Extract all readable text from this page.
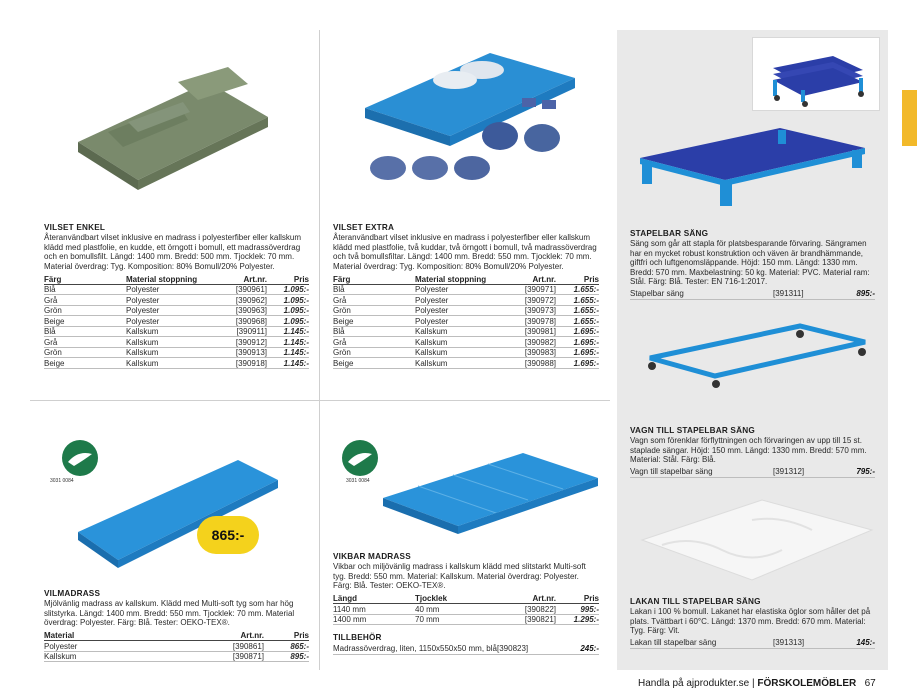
3031 0084	3031 0084
865:-
VILSET ENKEL
Återanvändbart vilset inklusive en madrass i polyesterfiber eller kallskum klädd med plastfolie, en kudde, ett örngott i bomull, ett madrassöverdrag och en bomullsfilt. Längd: 1400 mm. Bredd: 500 mm. Tjocklek: 70 mm. Material överdrag: Tyg. Komposition: 80% Bomull/20% Polyester.
Färg	Material stoppning	Art.nr.	Pris
Blå	Polyester	[390961]	1.095:-
Grå	Polyester	[390962]	1.095:-
Grön	Polyester	[390963]	1.095:-
Beige	Polyester	[390968]	1.095:-
Blå	Kallskum	[390911]	1.145:-
Grå	Kallskum	[390912]	1.145:-
Grön	Kallskum	[390913]	1.145:-
Beige	Kallskum	[390918]	1.145:-
VILSET EXTRA
Återanvändbart vilset inklusive en madrass i polyesterfiber eller kallskum klädd med plastfolie, två kuddar, två örngott i bomull, två madrassöverdrag och två bomullsfiltar. Längd: 1400 mm. Bredd: 550 mm. Tjocklek: 70 mm. Material överdrag: Tyg. Komposition: 80% Bomull/20% Polyester.
Färg	Material stoppning	Art.nr.	Pris
Blå	Polyester	[390971]	1.655:-
Grå	Polyester	[390972]	1.655:-
Grön	Polyester	[390973]	1.655:-
Beige	Polyester	[390978]	1.655:-
Blå	Kallskum	[390981]	1.695:-
Grå	Kallskum	[390982]	1.695:-
Grön	Kallskum	[390983]	1.695:-
Beige	Kallskum	[390988]	1.695:-
STAPELBAR SÄNG
Säng som går att stapla för platsbesparande förvaring. Sängramen har en mycket robust konstruktion och väven är brandhämmande, giftfri och luftgenomsläppande. Höjd: 150 mm. Längd: 1330 mm. Bredd: 570 mm. Maxbelastning: 50 kg. Material: PVC. Material ram: Stål. Färg: Blå. Tester: EN 716-1:2017.
Stapelbar säng	[391311]	895:-
VAGN TILL STAPELBAR SÄNG
Vagn som förenklar förflyttningen och förvaringen av upp till 15 st. staplade sängar. Höjd: 150 mm. Längd: 1330 mm. Bredd: 570 mm. Material: Stål. Färg: Blå.
Vagn till stapelbar säng	[391312]	795:-
LAKAN TILL STAPELBAR SÄNG
Lakan i 100 % bomull. Lakanet har elastiska öglor som håller det på plats. Tvättbart i 60°C. Längd: 1370 mm. Bredd: 670 mm. Material: Tyg. Färg: Vit.
Lakan till stapelbar säng	[391313]	145:-
VILMADRASS
Mjölvänlig madrass av kallskum. Klädd med Multi-soft tyg som har hög slitstyrka. Längd: 1400 mm. Bredd: 550 mm. Tjocklek: 70 mm. Material överdrag: Polyester. Färg: Blå. Tester: OEKO-TEX®.
Material	Art.nr.	Pris
Polyester	[390861]	865:-
Kallskum	[390871]	895:-
VIKBAR MADRASS
Vikbar och miljövänlig madrass i kallskum klädd med slitstarkt Multi-soft tyg. Bredd: 550 mm. Material: Kallskum. Material överdrag: Polyester. Färg: Blå. Tester: OEKO-TEX®.
Längd	Tjocklek	Art.nr.	Pris
1140 mm	40 mm	[390822]	995:-
1400 mm	70 mm	[390821]	1.295:-
TILLBEHÖR
Madrassöverdrag, liten, 1150x550x50 mm, blå [390823]	245:-
Handla på ajprodukter.se | FÖRSKOLEMÖBLER 67
